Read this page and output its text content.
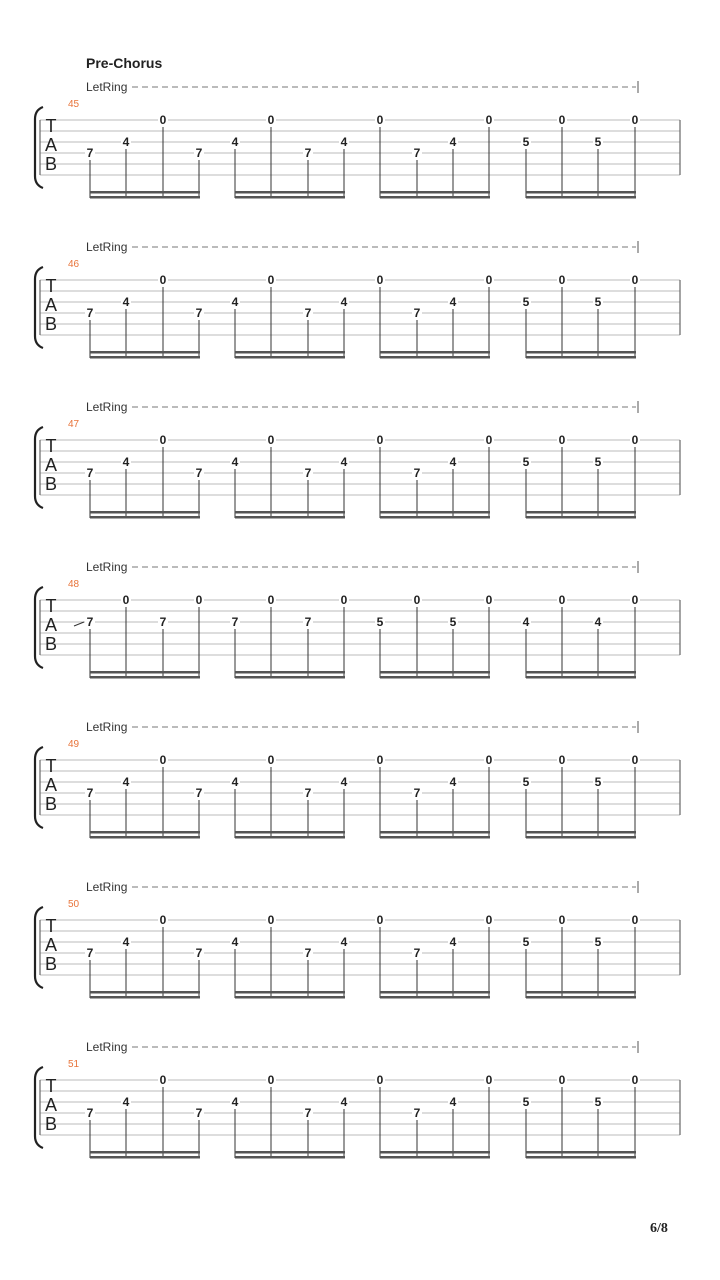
Pre-Chorus
LetRing
45
T
A
B
7
4
0
7
4
0
7
4
0
7
4
0
5
0
5
0
LetRing
46
T
A
B
7
4
0
7
4
0
7
4
0
7
4
0
5
0
5
0
LetRing
47
T
A
B
7
4
0
7
4
0
7
4
0
7
4
0
5
0
5
0
LetRing
48
T
A
B
7
0
7
0
7
0
7
0
5
0
5
0
4
0
4
0
LetRing
49
T
A
B
7
4
0
7
4
0
7
4
0
7
4
0
5
0
5
0
LetRing
50
T
A
B
7
4
0
7
4
0
7
4
0
7
4
0
5
0
5
0
LetRing
51
T
A
B
7
4
0
7
4
0
7
4
0
7
4
0
5
0
5
0
6/8
